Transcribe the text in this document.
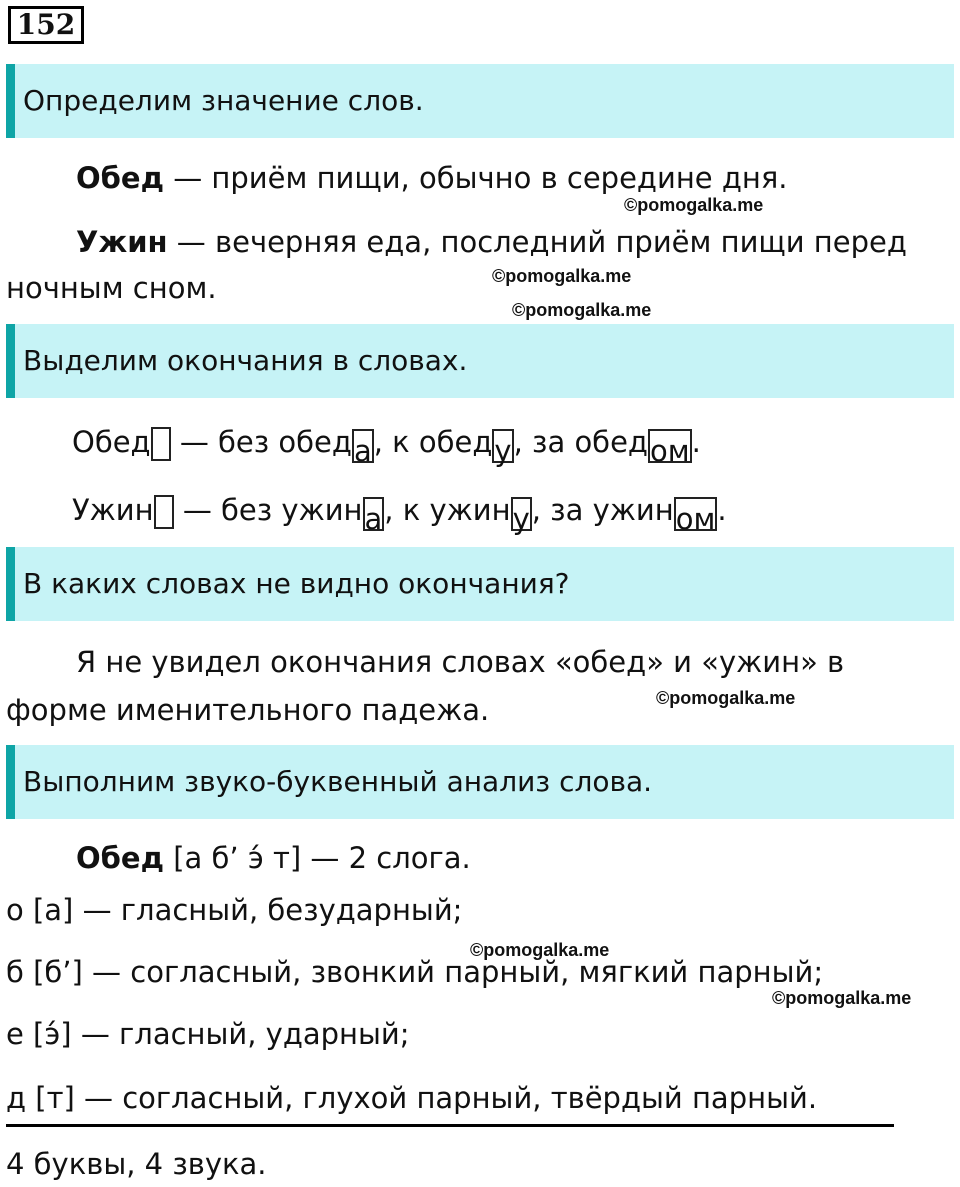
152
Определим значение слов.
Обед — приём пищи, обычно в середине дня.
©pomogalka.me
Ужин — вечерняя еда, последний приём пищи перед
©pomogalka.me
ночным сном.
©pomogalka.me
Выделим окончания в словах.
Обед — без обеда, к обеду, за обедом.
Ужин — без ужина, к ужину, за ужином.
В каких словах не видно окончания?
Я не увидел окончания словах «обед» и «ужин» в
©pomogalka.me
форме именительного падежа.
Выполним звуко-буквенный анализ слова.
Обед [а б’ э́ т] — 2 слога.
о [а] — гласный, безударный;
©pomogalka.me
б [б’] — согласный, звонкий парный, мягкий парный;
©pomogalka.me
е [э́] — гласный, ударный;
д [т] — согласный, глухой парный, твёрдый парный.
4 буквы, 4 звука.
